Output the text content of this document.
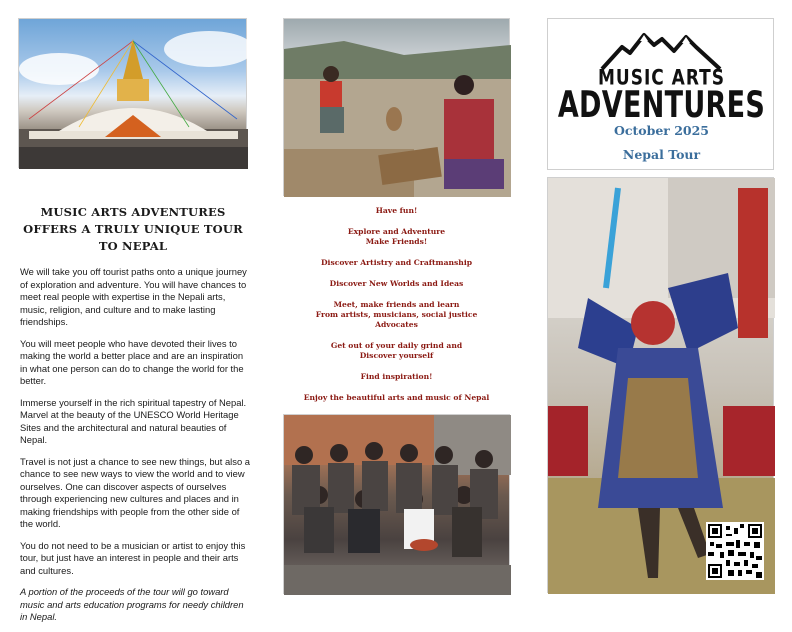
MUSIC ARTS ADVENTURES
OFFERS A TRULY UNIQUE TOUR
TO NEPAL

We will take you off tourist paths onto a unique journey of exploration and adventure. You will have chances to meet real people with expertise in the Nepali arts, music, religion, and culture and to make lasting friendships.

You will meet people who have devoted their lives to making the world a better place and are an inspiration in what one person can do to change the world for the better.

Immerse yourself in the rich spiritual tapestry of Nepal. Marvel at the beauty of the UNESCO World Heritage Sites and the architectural and natural beauties of Nepal.

Travel is not just a chance to see new things, but also a chance to see new ways to view the world and to view ourselves. One can discover aspects of ourselves through experiencing new cultures and places and in making friendships with people from the other side of the world.

You do not need to be a musician or artist to enjoy this tour, but just have an interest in people and their arts and cultures.

A portion of the proceeds of the tour will go toward music and arts education programs for needy children in Nepal.

Have fun!
Explore and Adventure
Make Friends!
Discover Artistry and Craftmanship
Discover New Worlds and Ideas
Meet, make friends and learn
From artists, musicians, social justice
Advocates
Get out of your daily grind and
Discover yourself
Find inspiration!
Enjoy the beautiful arts and music of Nepal
MUSIC ARTS
ADVENTURES
October 2025
Nepal Tour
